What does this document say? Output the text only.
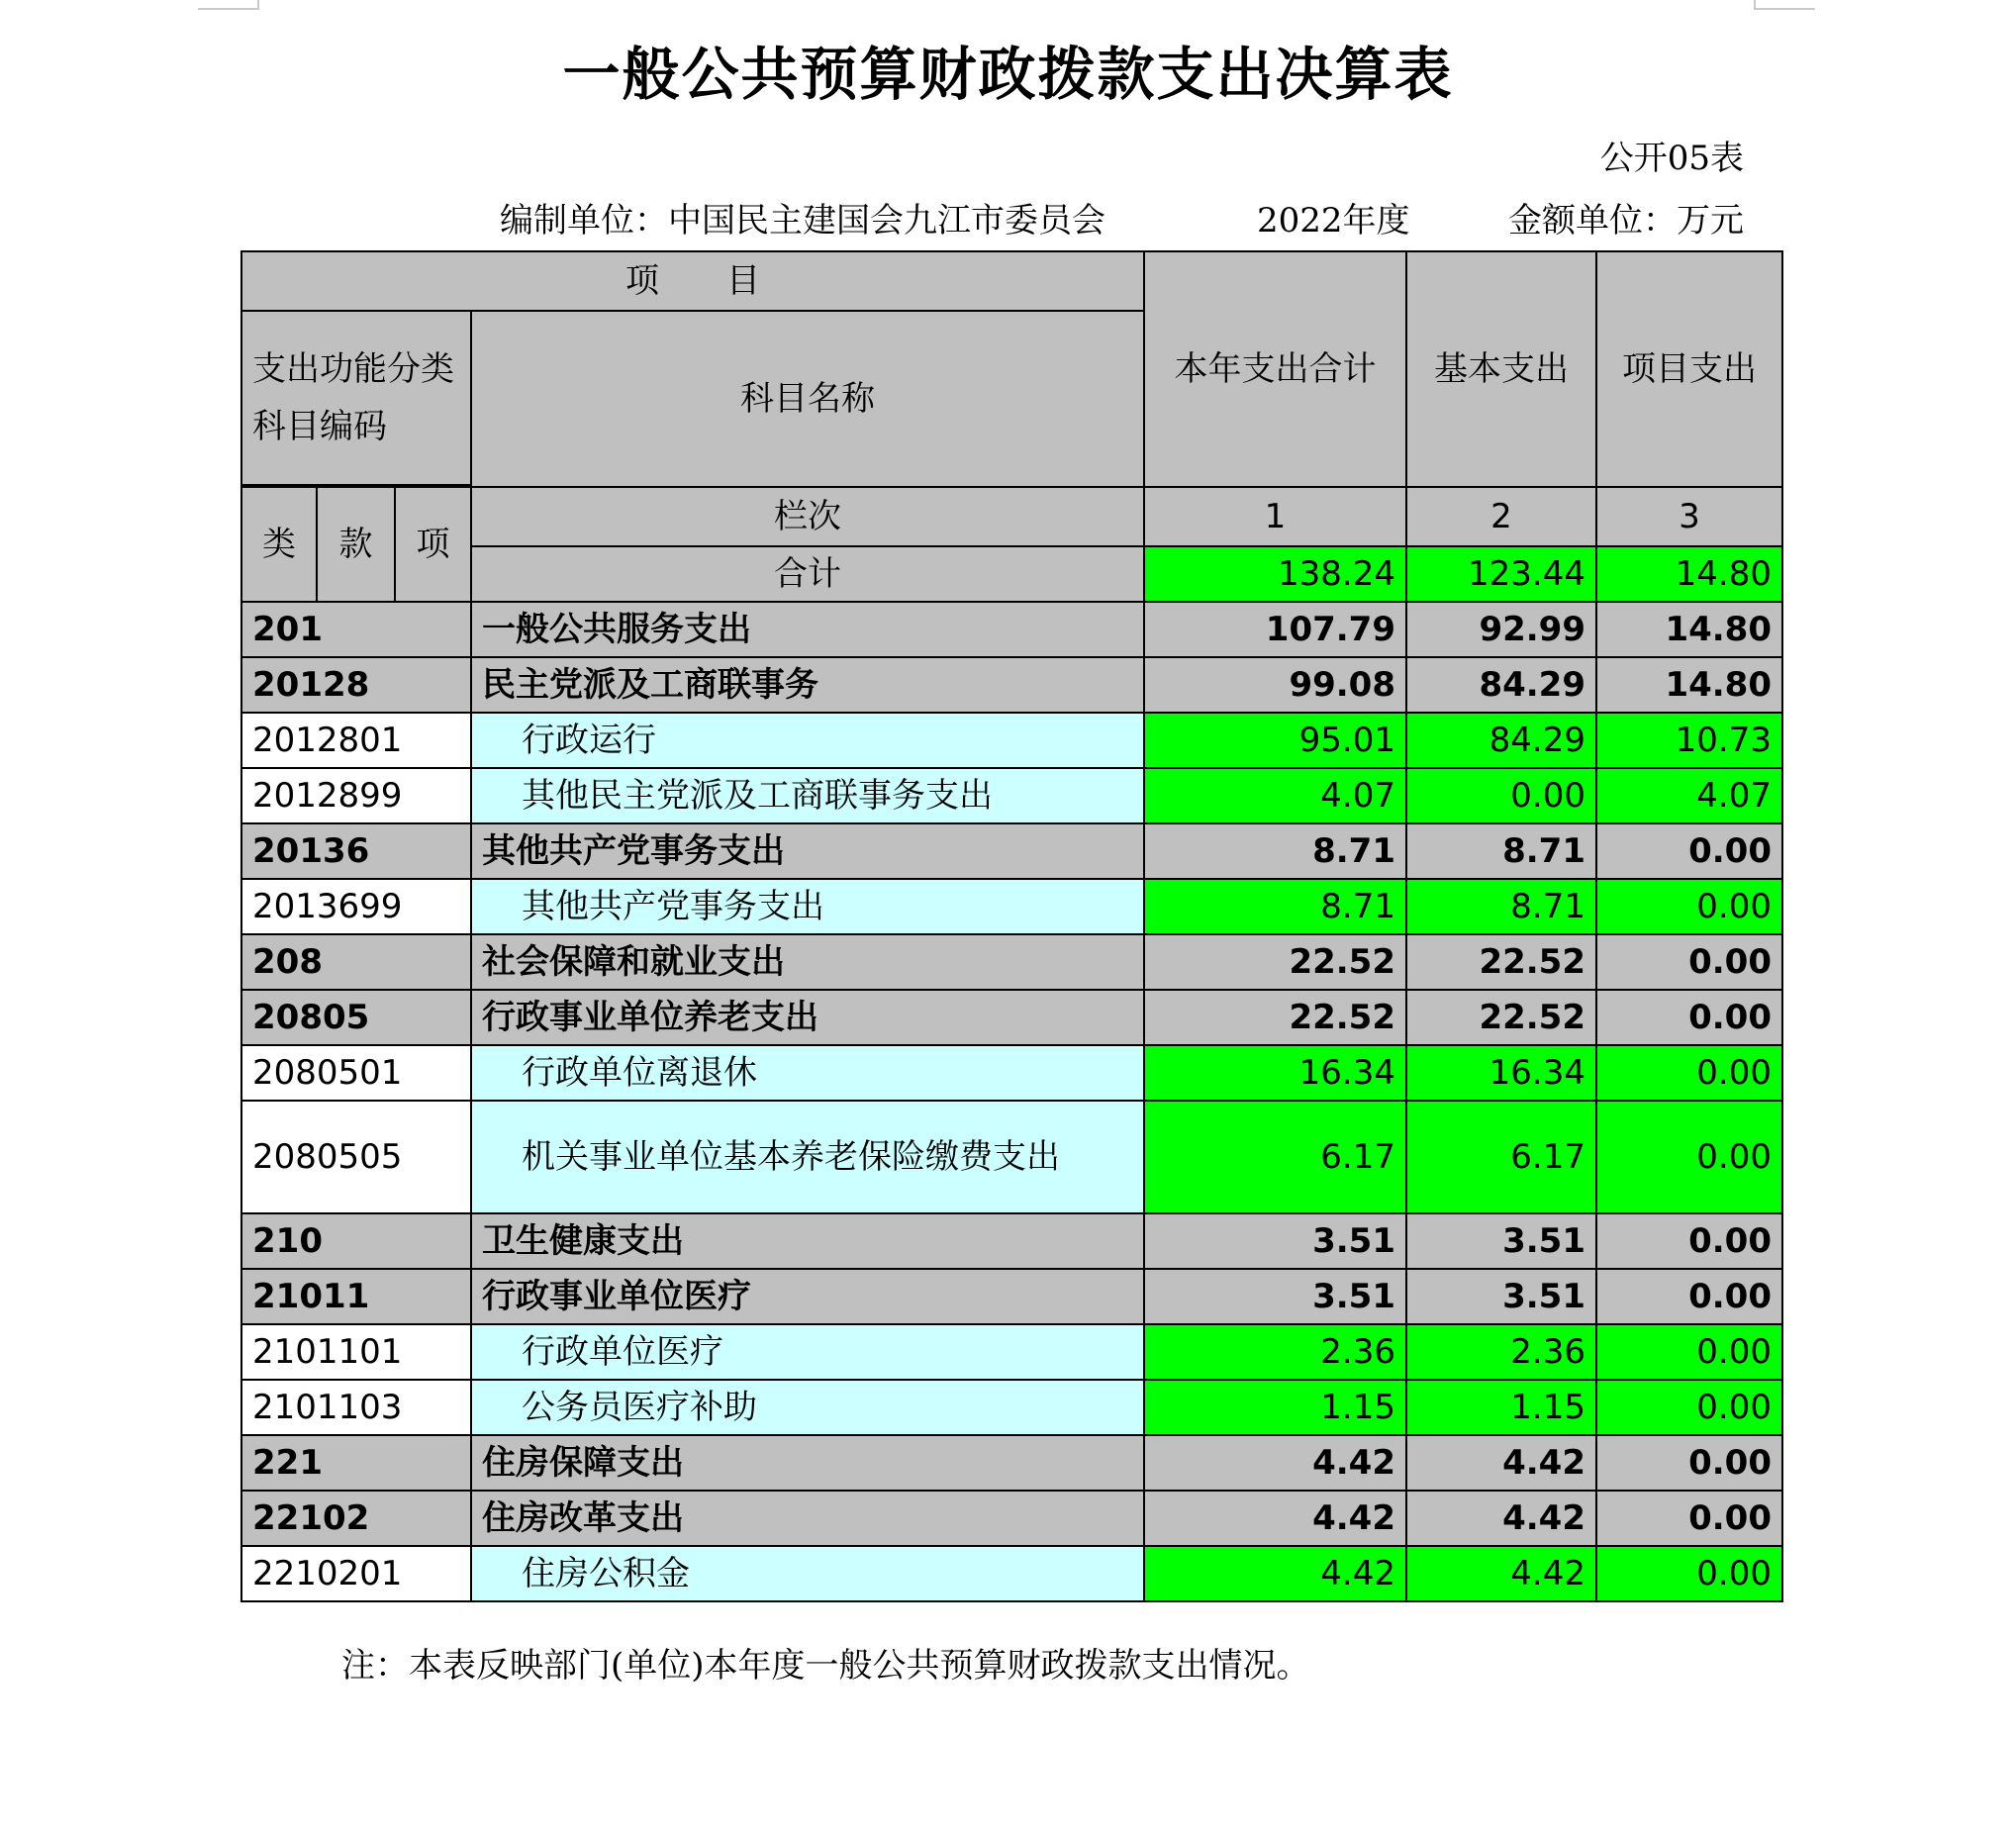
一般公共预算财政拨款支出决算表
公开05表
编制单位：中国民主建国会九江市委员会	2022年度	金额单位：万元
项　　目				本年支出合计	基本支出	项目支出
支出功能分类科目编码			科目名称			

类	款	项	栏次	1	2	3
			合计	138.24	123.44	14.80
201			一般公共服务支出	107.79	92.99	14.80
20128			民主党派及工商联事务	99.08	84.29	14.80
2012801			行政运行	95.01	84.29	10.73
2012899			其他民主党派及工商联事务支出	4.07	0.00	4.07
20136			其他共产党事务支出	8.71	8.71	0.00
2013699			其他共产党事务支出	8.71	8.71	0.00
208			社会保障和就业支出	22.52	22.52	0.00
20805			行政事业单位养老支出	22.52	22.52	0.00
2080501			行政单位离退休	16.34	16.34	0.00
2080505			机关事业单位基本养老保险缴费支出	6.17	6.17	0.00
210			卫生健康支出	3.51	3.51	0.00
21011			行政事业单位医疗	3.51	3.51	0.00
2101101			行政单位医疗	2.36	2.36	0.00
2101103			公务员医疗补助	1.15	1.15	0.00
221			住房保障支出	4.42	4.42	0.00
22102			住房改革支出	4.42	4.42	0.00
2210201			住房公积金	4.42	4.42	0.00
注：本表反映部门(单位)本年度一般公共预算财政拨款支出情况。
